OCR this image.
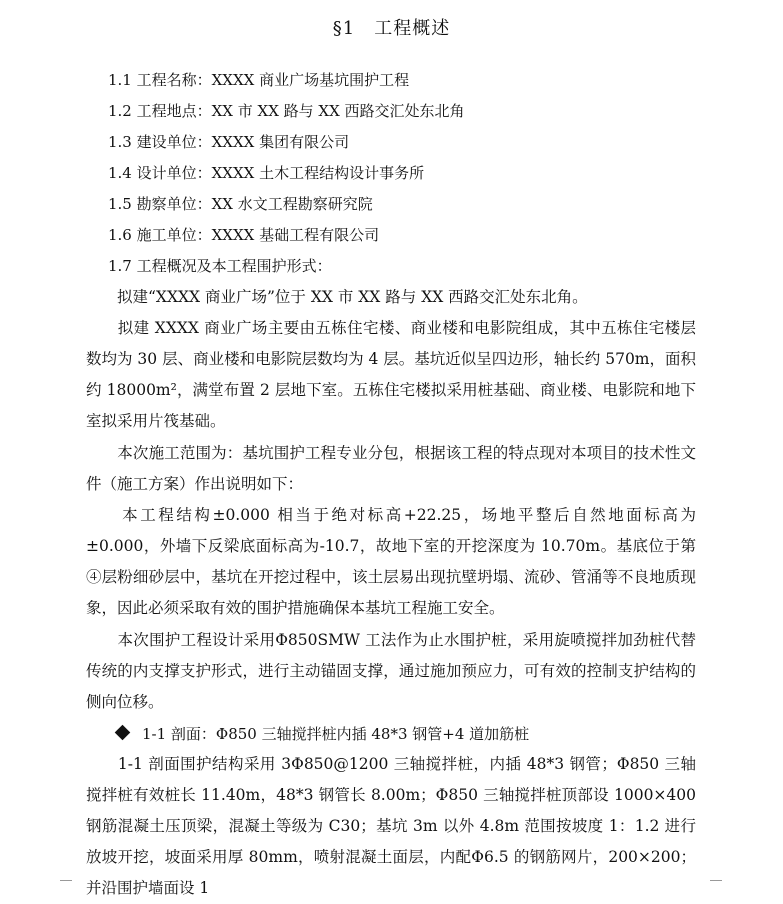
§1　工程概述
1.1 工程名称：XXXX 商业广场基坑围护工程
1.2 工程地点：XX 市 XX 路与 XX 西路交汇处东北角
1.3 建设单位：XXXX 集团有限公司
1.4 设计单位：XXXX 土木工程结构设计事务所
1.5 勘察单位：XX 水文工程勘察研究院
1.6 施工单位：XXXX 基础工程有限公司
1.7 工程概况及本工程围护形式：
　　拟建“XXXX 商业广场”位于 XX 市 XX 路与 XX 西路交汇处东北角。
　　拟建 XXXX 商业广场主要由五栋住宅楼、商业楼和电影院组成，其中五栋住宅楼层数均为 30 层、商业楼和电影院层数均为 4 层。基坑近似呈四边形，轴长约 570m，面积约 18000m²，满堂布置 2 层地下室。五栋住宅楼拟采用桩基础、商业楼、电影院和地下室拟采用片筏基础。
　　本次施工范围为：基坑围护工程专业分包，根据该工程的特点现对本项目的技术性文件（施工方案）作出说明如下：
　　本工程结构±0.000 相当于绝对标高+22.25，场地平整后自然地面标高为±0.000，外墙下反梁底面标高为-10.7，故地下室的开挖深度为 10.70m。基底位于第④层粉细砂层中，基坑在开挖过程中，该土层易出现抗壁坍塌、流砂、管涌等不良地质现象，因此必须采取有效的围护措施确保本基坑工程施工安全。
　　本次围护工程设计采用Φ850SMW 工法作为止水围护桩，采用旋喷搅拌加劲桩代替传统的内支撑支护形式，进行主动锚固支撑，通过施加预应力，可有效的控制支护结构的侧向位移。
1-1 剖面：Φ850 三轴搅拌桩内插 48*3 钢管+4 道加筋桩
　　1-1 剖面围护结构采用 3Φ850@1200 三轴搅拌桩，内插 48*3 钢管；Φ850 三轴搅拌桩有效桩长 11.40m，48*3 钢管长 8.00m；Φ850 三轴搅拌桩顶部设 1000×400 钢筋混凝土压顶梁，混凝土等级为 C30；基坑 3m 以外 4.8m 范围按坡度 1：1.2 进行放坡开挖，坡面采用厚 80mm，喷射混凝土面层，内配Φ6.5 的钢筋网片，200×200；并沿围护墙面设 1
